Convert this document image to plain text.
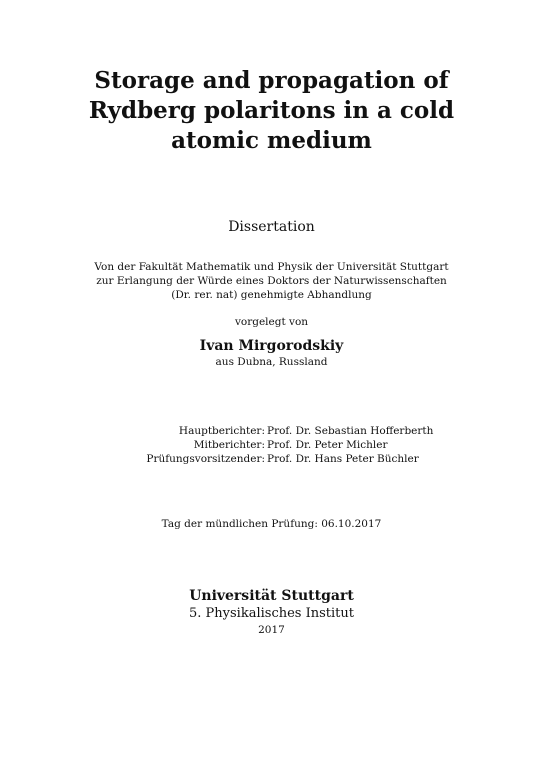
Storage and propagation of
Rydberg polaritons in a cold
atomic medium
Dissertation
Von der Fakultät Mathematik und Physik der Universität Stuttgart
zur Erlangung der Würde eines Doktors der Naturwissenschaften
(Dr. rer. nat) genehmigte Abhandlung
vorgelegt von
Ivan Mirgorodskiy
aus Dubna, Russland
Hauptberichter: Prof. Dr. Sebastian Hofferberth
Mitberichter: Prof. Dr. Peter Michler
Prüfungsvorsitzender: Prof. Dr. Hans Peter Büchler
Tag der mündlichen Prüfung: 06.10.2017
Universität Stuttgart
5. Physikalisches Institut
2017
